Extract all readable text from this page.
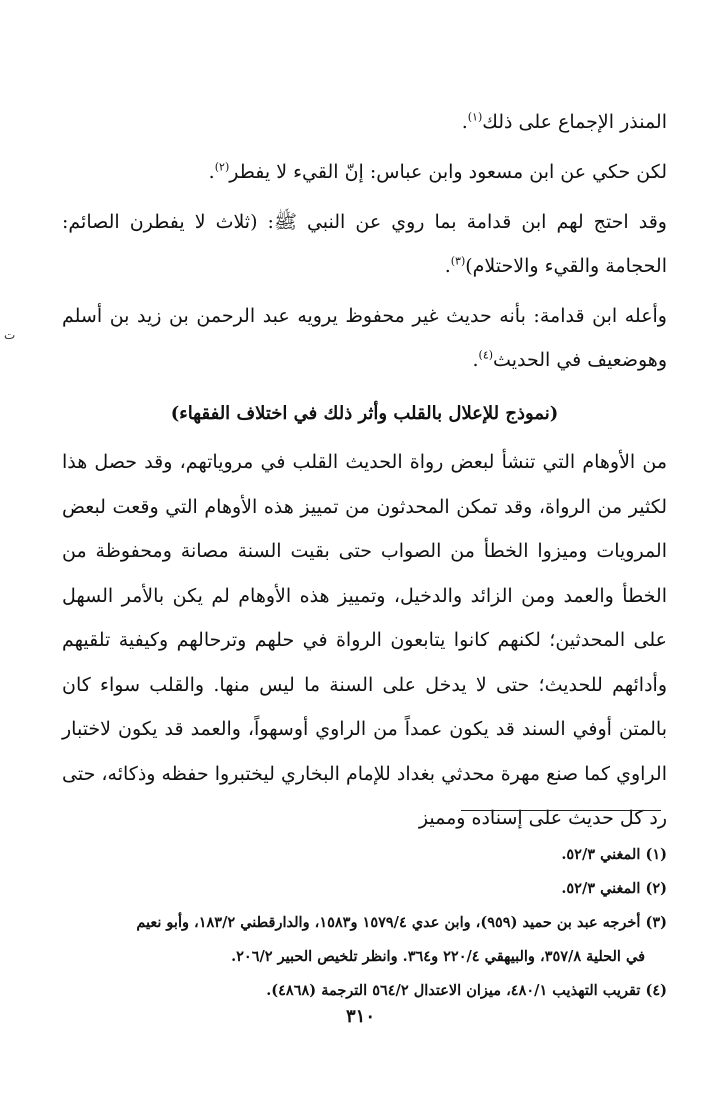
المنذر الإجماع على ذلك$^{(١)}$.

لكن حكي عن ابن مسعود وابن عباس: إنّ القيء لا يفطر$^{(٢)}$.

وقد احتج لهم ابن قدامة بما روي عن النبي ﷺ: (ثلاث لا يفطرن الصائم: الحجامة والقيء والاحتلام)$^{(٣)}$.

وأعله ابن قدامة: بأنه حديث غير محفوظ يرويه عبد الرحمن بن زيد بن أسلم وهوضعيف في الحديث$^{(٤)}$.

(نموذج للإعلال بالقلب وأثر ذلك في اختلاف الفقهاء)

من الأوهام التي تنشأ لبعض رواة الحديث القلب في مروياتهم، وقد حصل هذا لكثير من الرواة، وقد تمكن المحدثون من تمييز هذه الأوهام التي وقعت لبعض المرويات وميزوا الخطأ من الصواب حتى بقيت السنة مصانة ومحفوظة من الخطأ والعمد ومن الزائد والدخيل، وتمييز هذه الأوهام لم يكن بالأمر السهل على المحدثين؛ لكنهم كانوا يتابعون الرواة في حلهم وترحالهم وكيفية تلقيهم وأدائهم للحديث؛ حتى لا يدخل على السنة ما ليس منها. والقلب سواء كان بالمتن أوفي السند قد يكون عمداً من الراوي أوسهواً، والعمد قد يكون لاختبار الراوي كما صنع مهرة محدثي بغداد للإمام البخاري ليختبروا حفظه وذكائه، حتى رد كل حديث على إسناده ومميز

(١) المغني ٥٢/٣.

(٢) المغني ٥٢/٣.

(٣) أخرجه عبد بن حميد (٩٥٩)، وابن عدي ١٥٧٩/٤ و١٥٨٣، والدارقطني ١٨٣/٢، وأبو نعيم

في الحلية ٣٥٧/٨، والبيهقي ٢٢٠/٤ و٣٦٤. وانظر تلخيص الحبير ٢٠٦/٢.

(٤) تقريب التهذيب ٤٨٠/١، ميزان الاعتدال ٥٦٤/٢ الترجمة (٤٨٦٨).

٣١٠
ت
